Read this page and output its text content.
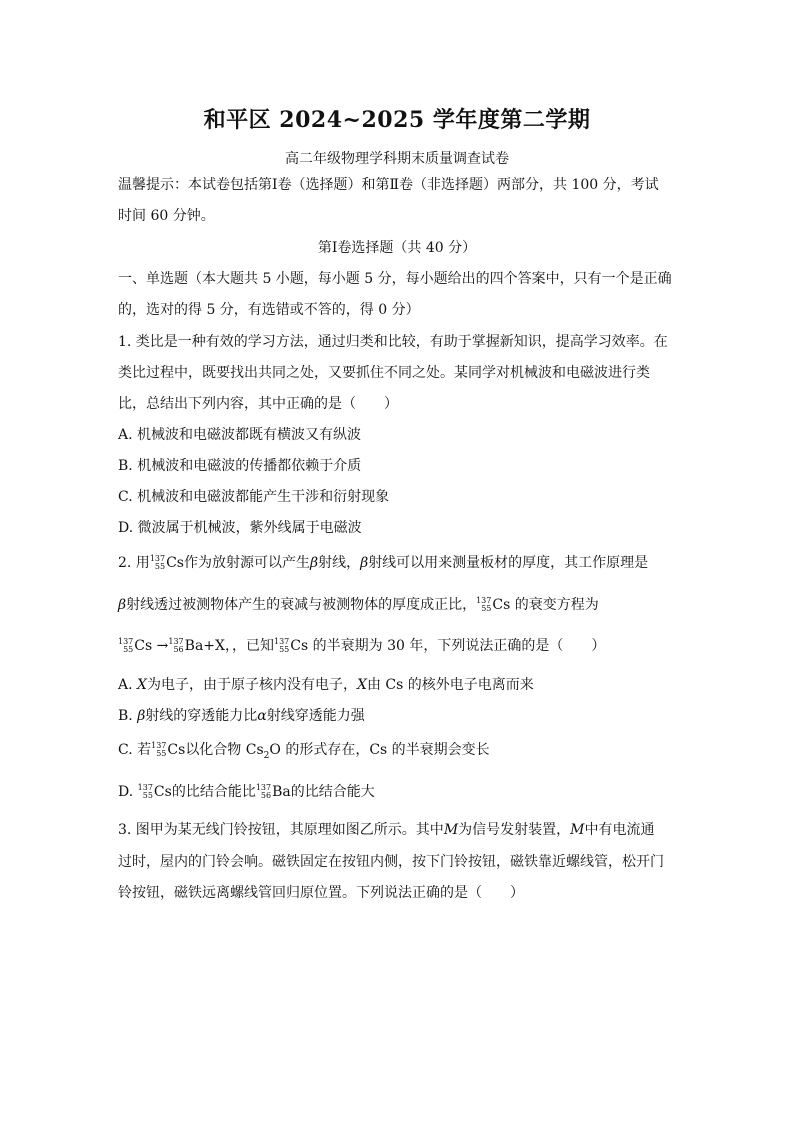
和平区 2024~2025 学年度第二学期
高二年级物理学科期末质量调查试卷
温馨提示：本试卷包括第Ⅰ卷（选择题）和第Ⅱ卷（非选择题）两部分，共 100 分，考试
时间 60 分钟。
第Ⅰ卷选择题（共 40 分）
一、单选题（本大题共 5 小题，每小题 5 分，每小题给出的四个答案中，只有一个是正确
的，选对的得 5 分，有选错或不答的，得 0 分）
1. 类比是一种有效的学习方法，通过归类和比较，有助于掌握新知识，提高学习效率。在
类比过程中，既要找出共同之处，又要抓住不同之处。某同学对机械波和电磁波进行类
比，总结出下列内容，其中正确的是（　　）
A. 机械波和电磁波都既有横波又有纵波
B. 机械波和电磁波的传播都依赖于介质
C. 机械波和电磁波都能产生干涉和衍射现象
D. 微波属于机械波，紫外线属于电磁波
2. 用 137
55 Cs作为放射源可以产生β射线，β射线可以用来测量板材的厚度，其工作原理是
β射线透过被测物体产生的衰减与被测物体的厚度成正比， 137
55 Cs 的衰变方程为
137
55 Cs → 137
56 Ba+X，，已知 137
55 Cs 的半衰期为 30 年，下列说法正确的是（　　）
A. X为电子，由于原子核内没有电子，X由 Cs 的核外电子电离而来
B. β射线的穿透能力比α射线穿透能力强
C. 若 137
55 Cs以化合物 $Cs_2O$ 的形式存在，Cs 的半衰期会变长
D. 137
55 Cs的比结合能比 137
56 Ba的比结合能大
3. 图甲为某无线门铃按钮，其原理如图乙所示。其中M为信号发射装置，M中有电流通
过时，屋内的门铃会响。磁铁固定在按钮内侧，按下门铃按钮，磁铁靠近螺线管，松开门
铃按钮，磁铁远离螺线管回归原位置。下列说法正确的是（　　）
